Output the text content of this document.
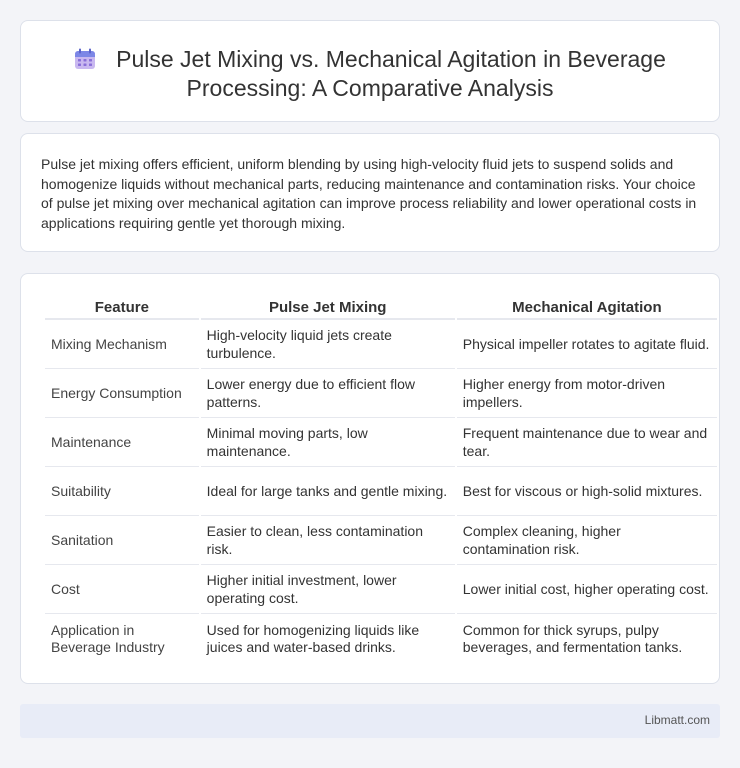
Pulse Jet Mixing vs. Mechanical Agitation in Beverage Processing: A Comparative Analysis

Pulse jet mixing offers efficient, uniform blending by using high-velocity fluid jets to suspend solids and homogenize liquids without mechanical parts, reducing maintenance and contamination risks. Your choice of pulse jet mixing over mechanical agitation can improve process reliability and lower operational costs in applications requiring gentle yet thorough mixing.

Feature	Pulse Jet Mixing	Mechanical Agitation
Mixing Mechanism	High-velocity liquid jets create turbulence.	Physical impeller rotates to agitate fluid.
Energy Consumption	Lower energy due to efficient flow patterns.	Higher energy from motor-driven impellers.
Maintenance	Minimal moving parts, low maintenance.	Frequent maintenance due to wear and tear.
Suitability	Ideal for large tanks and gentle mixing.	Best for viscous or high-solid mixtures.
Sanitation	Easier to clean, less contamination risk.	Complex cleaning, higher contamination risk.
Cost	Higher initial investment, lower operating cost.	Lower initial cost, higher operating cost.
Application in Beverage Industry	Used for homogenizing liquids like juices and water-based drinks.	Common for thick syrups, pulpy beverages, and fermentation tanks.
Libmatt.com
